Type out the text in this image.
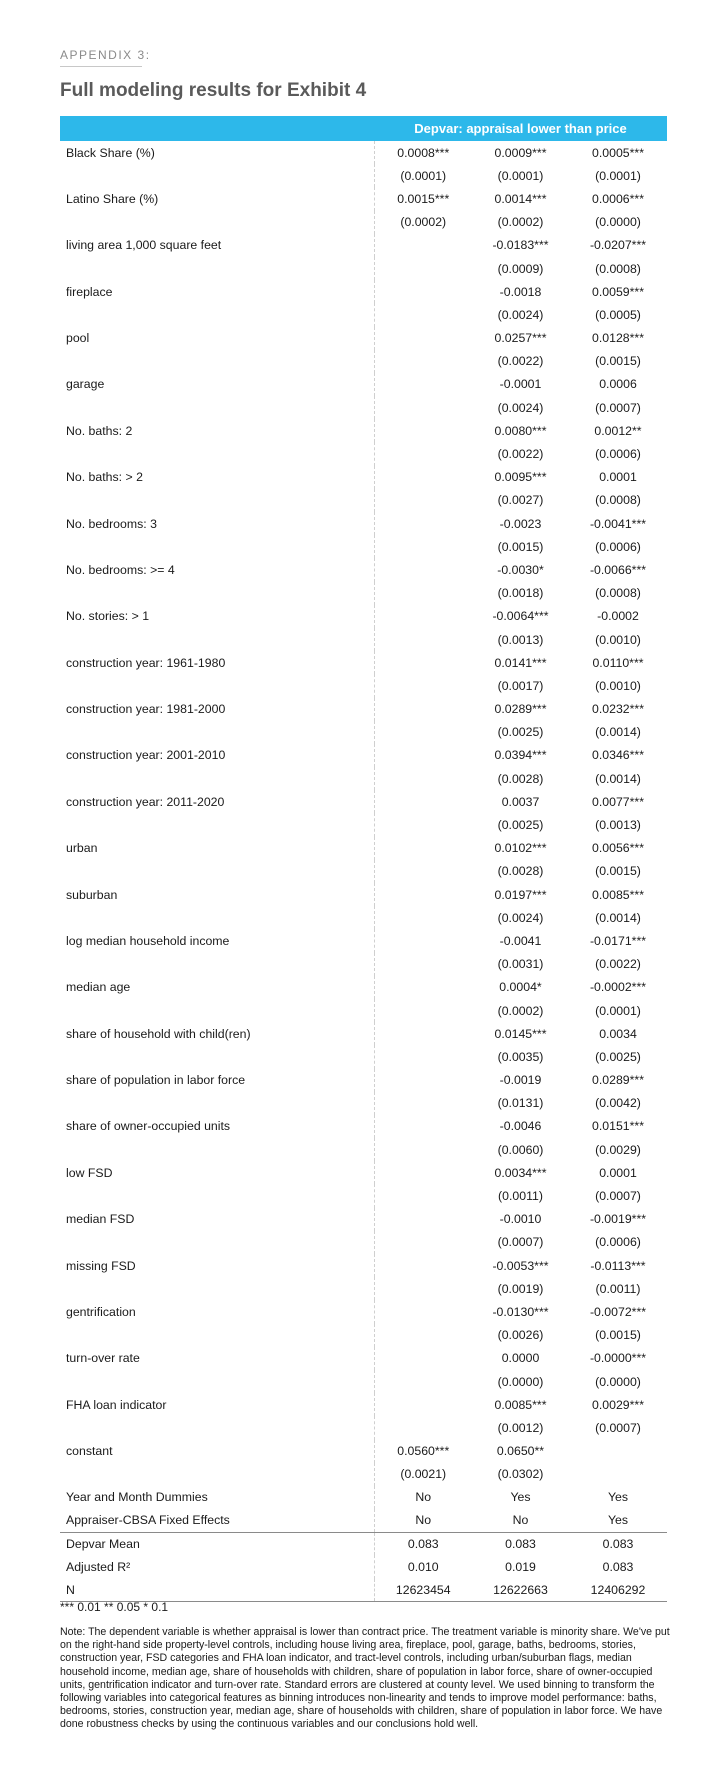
APPENDIX 3:
Full modeling results for Exhibit 4
Depvar: appraisal lower than price
Black Share (%)	0.0008***	0.0009***	0.0005***
	(0.0001)	(0.0001)	(0.0001)
Latino Share (%)	0.0015***	0.0014***	0.0006***
	(0.0002)	(0.0002)	(0.0000)
living area 1,000 square feet		-0.0183***	-0.0207***
		(0.0009)	(0.0008)
fireplace		-0.0018	0.0059***
		(0.0024)	(0.0005)
pool		0.0257***	0.0128***
		(0.0022)	(0.0015)
garage		-0.0001	0.0006
		(0.0024)	(0.0007)
No. baths: 2		0.0080***	0.0012**
		(0.0022)	(0.0006)
No. baths: > 2		0.0095***	0.0001
		(0.0027)	(0.0008)
No. bedrooms: 3		-0.0023	-0.0041***
		(0.0015)	(0.0006)
No. bedrooms: >= 4		-0.0030*	-0.0066***
		(0.0018)	(0.0008)
No. stories: > 1		-0.0064***	-0.0002
		(0.0013)	(0.0010)
construction year: 1961-1980		0.0141***	0.0110***
		(0.0017)	(0.0010)
construction year: 1981-2000		0.0289***	0.0232***
		(0.0025)	(0.0014)
construction year: 2001-2010		0.0394***	0.0346***
		(0.0028)	(0.0014)
construction year: 2011-2020		0.0037	0.0077***
		(0.0025)	(0.0013)
urban		0.0102***	0.0056***
		(0.0028)	(0.0015)
suburban		0.0197***	0.0085***
		(0.0024)	(0.0014)
log median household income		-0.0041	-0.0171***
		(0.0031)	(0.0022)
median age		0.0004*	-0.0002***
		(0.0002)	(0.0001)
share of household with child(ren)		0.0145***	0.0034
		(0.0035)	(0.0025)
share of population in labor force		-0.0019	0.0289***
		(0.0131)	(0.0042)
share of owner-occupied units		-0.0046	0.0151***
		(0.0060)	(0.0029)
low FSD		0.0034***	0.0001
		(0.0011)	(0.0007)
median FSD		-0.0010	-0.0019***
		(0.0007)	(0.0006)
missing FSD		-0.0053***	-0.0113***
		(0.0019)	(0.0011)
gentrification		-0.0130***	-0.0072***
		(0.0026)	(0.0015)
turn-over rate		0.0000	-0.0000***
		(0.0000)	(0.0000)
FHA loan indicator		0.0085***	0.0029***
		(0.0012)	(0.0007)
constant	0.0560***	0.0650**	
	(0.0021)	(0.0302)	
Year and Month Dummies	No	Yes	Yes
Appraiser-CBSA Fixed Effects	No	No	Yes
Depvar Mean	0.083	0.083	0.083
Adjusted R²	0.010	0.019	0.083
N	12623454	12622663	12406292
*** 0.01 ** 0.05 * 0.1
Note: The dependent variable is whether appraisal is lower than contract price. The treatment variable is minority share. We've put on the right-hand side property-level controls, including house living area, fireplace, pool, garage, baths, bedrooms, stories, construction year, FSD categories and FHA loan indicator, and tract-level controls, including urban/suburban flags, median household income, median age, share of households with children, share of population in labor force, share of owner-occupied units, gentrification indicator and turn-over rate. Standard errors are clustered at county level. We used binning to transform the following variables into categorical features as binning introduces non-linearity and tends to improve model performance: baths, bedrooms, stories, construction year, median age, share of households with children, share of population in labor force. We have done robustness checks by using the continuous variables and our conclusions hold well.
